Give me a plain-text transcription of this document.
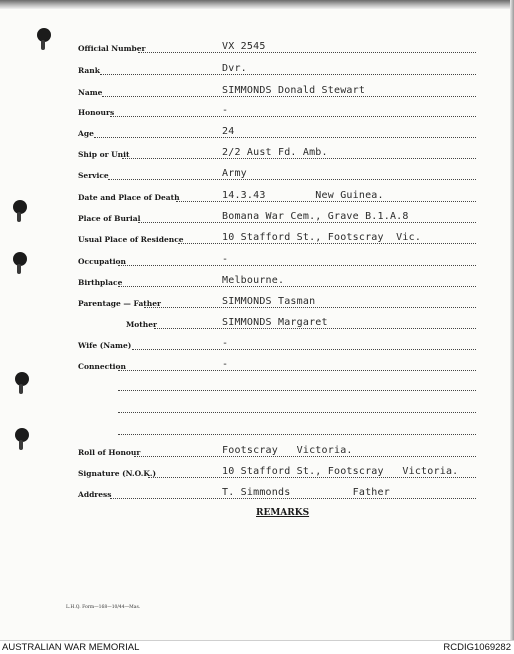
Official Number	VX 2545
Rank	Dvr.
Name	SIMMONDS Donald Stewart
Honours	-
Age	24
Ship or Unit	2/2 Aust Fd. Amb.
Service	Army
Date and Place of Death	14.3.43        New Guinea.
Place of Burial	Bomana War Cem., Grave B.1.A.8
Usual Place of Residence	10 Stafford St., Footscray  Vic.
Occupation	-
Birthplace	Melbourne.
Parentage — Father	SIMMONDS Tasman
Mother	SIMMONDS Margaret
Wife (Name)	-
Connection	-
Roll of Honour	Footscray   Victoria.
Signature (N.O.K.)	10 Stafford St., Footscray   Victoria.
Address	T. Simmonds          Father
REMARKS
L.H.Q. Form—168—10/44—Mas.
AUSTRALIAN WAR MEMORIAL	RCDIG1069282
